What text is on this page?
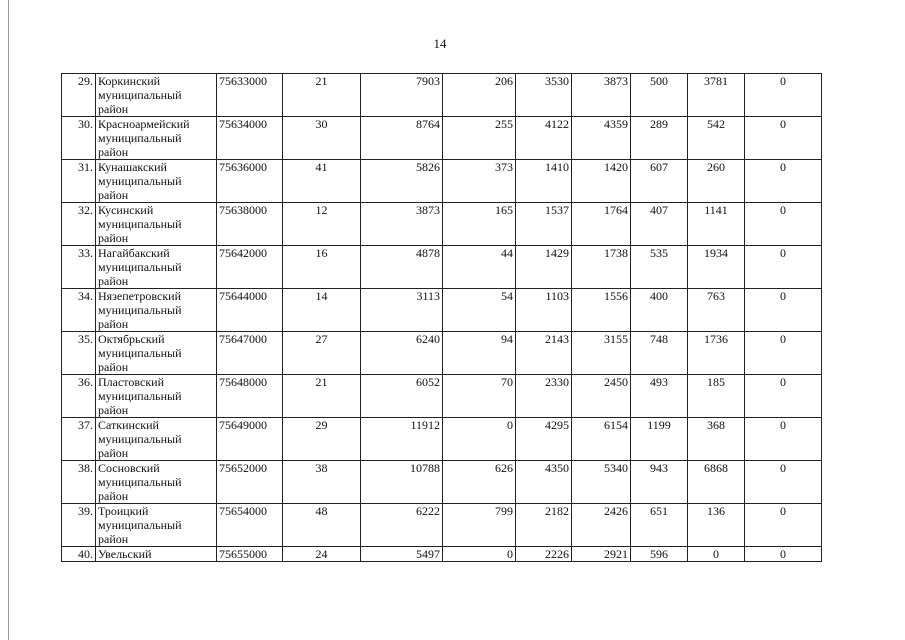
14
29.	Коркинский муниципальный район	75633000	21	7903	206	3530	3873	500	3781	0
30.	Красноармейский муниципальный район	75634000	30	8764	255	4122	4359	289	542	0
31.	Кунашакский муниципальный район	75636000	41	5826	373	1410	1420	607	260	0
32.	Кусинский муниципальный район	75638000	12	3873	165	1537	1764	407	1141	0
33.	Нагайбакский муниципальный район	75642000	16	4878	44	1429	1738	535	1934	0
34.	Нязепетровский муниципальный район	75644000	14	3113	54	1103	1556	400	763	0
35.	Октябрьский муниципальный район	75647000	27	6240	94	2143	3155	748	1736	0
36.	Пластовский муниципальный район	75648000	21	6052	70	2330	2450	493	185	0
37.	Саткинский муниципальный район	75649000	29	11912	0	4295	6154	1199	368	0
38.	Сосновский муниципальный район	75652000	38	10788	626	4350	5340	943	6868	0
39.	Троицкий муниципальный район	75654000	48	6222	799	2182	2426	651	136	0
40.	Увельский	75655000	24	5497	0	2226	2921	596	0	0
